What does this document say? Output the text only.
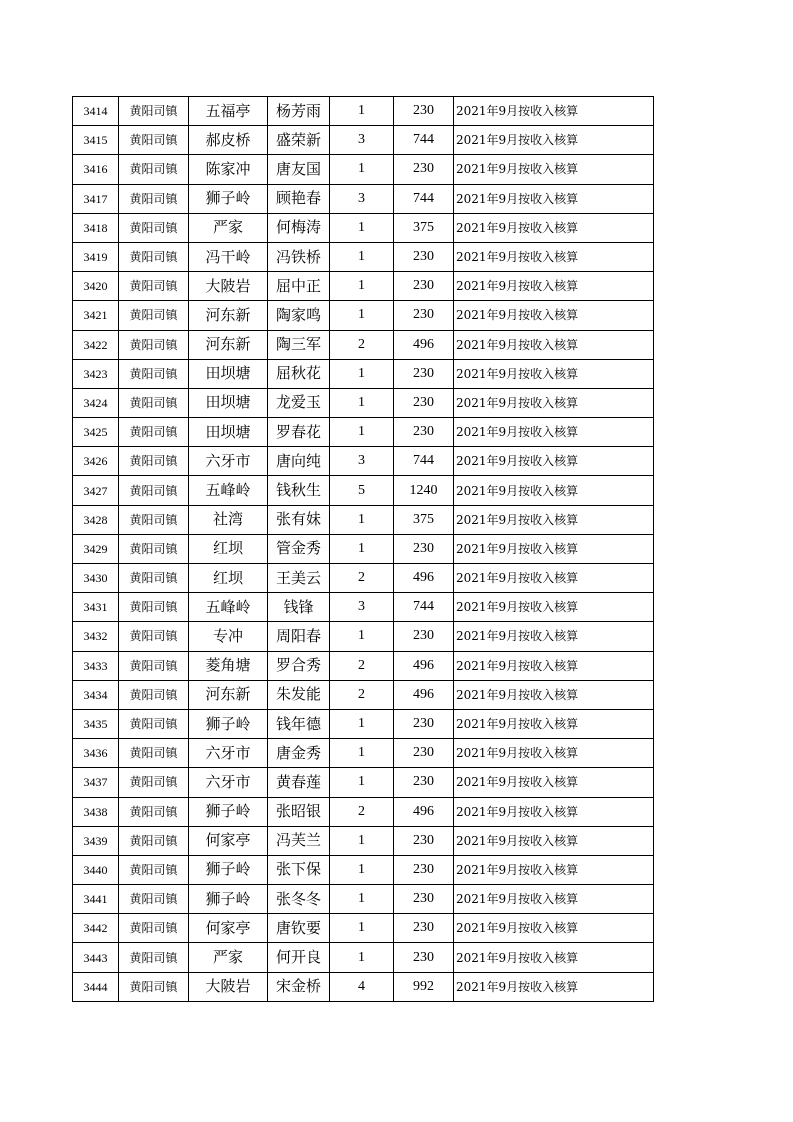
3414	黄阳司镇	五福亭	杨芳雨	1	230	2021年9月按收入核算
3415	黄阳司镇	郝皮桥	盛荣新	3	744	2021年9月按收入核算
3416	黄阳司镇	陈家冲	唐友国	1	230	2021年9月按收入核算
3417	黄阳司镇	狮子岭	顾艳春	3	744	2021年9月按收入核算
3418	黄阳司镇	严家	何梅涛	1	375	2021年9月按收入核算
3419	黄阳司镇	冯干岭	冯铁桥	1	230	2021年9月按收入核算
3420	黄阳司镇	大陂岩	屈中正	1	230	2021年9月按收入核算
3421	黄阳司镇	河东新	陶家鸣	1	230	2021年9月按收入核算
3422	黄阳司镇	河东新	陶三军	2	496	2021年9月按收入核算
3423	黄阳司镇	田坝塘	屈秋花	1	230	2021年9月按收入核算
3424	黄阳司镇	田坝塘	龙爱玉	1	230	2021年9月按收入核算
3425	黄阳司镇	田坝塘	罗春花	1	230	2021年9月按收入核算
3426	黄阳司镇	六牙市	唐向纯	3	744	2021年9月按收入核算
3427	黄阳司镇	五峰岭	钱秋生	5	1240	2021年9月按收入核算
3428	黄阳司镇	社湾	张有妹	1	375	2021年9月按收入核算
3429	黄阳司镇	红坝	管金秀	1	230	2021年9月按收入核算
3430	黄阳司镇	红坝	王美云	2	496	2021年9月按收入核算
3431	黄阳司镇	五峰岭	钱锋	3	744	2021年9月按收入核算
3432	黄阳司镇	专冲	周阳春	1	230	2021年9月按收入核算
3433	黄阳司镇	菱角塘	罗合秀	2	496	2021年9月按收入核算
3434	黄阳司镇	河东新	朱发能	2	496	2021年9月按收入核算
3435	黄阳司镇	狮子岭	钱年德	1	230	2021年9月按收入核算
3436	黄阳司镇	六牙市	唐金秀	1	230	2021年9月按收入核算
3437	黄阳司镇	六牙市	黄春莲	1	230	2021年9月按收入核算
3438	黄阳司镇	狮子岭	张昭银	2	496	2021年9月按收入核算
3439	黄阳司镇	何家亭	冯芙兰	1	230	2021年9月按收入核算
3440	黄阳司镇	狮子岭	张下保	1	230	2021年9月按收入核算
3441	黄阳司镇	狮子岭	张冬冬	1	230	2021年9月按收入核算
3442	黄阳司镇	何家亭	唐钦要	1	230	2021年9月按收入核算
3443	黄阳司镇	严家	何开良	1	230	2021年9月按收入核算
3444	黄阳司镇	大陂岩	宋金桥	4	992	2021年9月按收入核算
